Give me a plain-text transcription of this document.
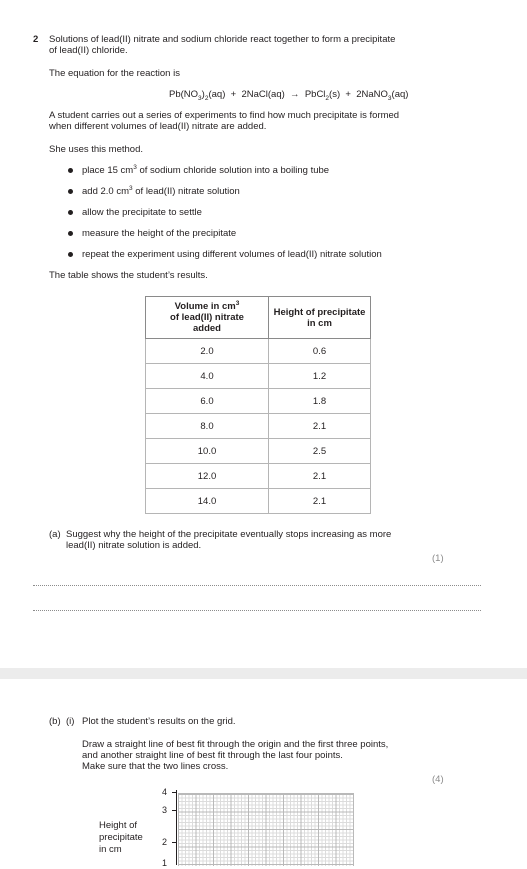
2 Solutions of lead(II) nitrate and sodium chloride react together to form a precipitate
of lead(II) chloride.
The equation for the reaction is
$Pb(NO_3)_2(aq)$  +  2NaCl(aq)  →  PbCl$_2$(s)  +  2NaNO$_3$(aq)
A student carries out a series of experiments to find how much precipitate is formed
when different volumes of lead(II) nitrate are added.
She uses this method.
place 15 $cm^3$ of sodium chloride solution into a boiling tube
add 2.0 $cm^3$ of lead(II) nitrate solution
allow the precipitate to settle
measure the height of the precipitate
repeat the experiment using different volumes of lead(II) nitrate solution
The table shows the student’s results.
Volume in $cm^3$
of lead(II) nitrate
added	Height of precipitate
in cm
2.0	0.6
4.0	1.2
6.0	1.8
8.0	2.1
10.0	2.5
12.0	2.1
14.0	2.1
(a) Suggest why the height of the precipitate eventually stops increasing as more
lead(II) nitrate solution is added.
(1)
(b) (i) Plot the student’s results on the grid.
Draw a straight line of best fit through the origin and the first three points,
and another straight line of best fit through the last four points.
Make sure that the two lines cross.
(4)
Height of
precipitate
in cm
4
3
2
1
